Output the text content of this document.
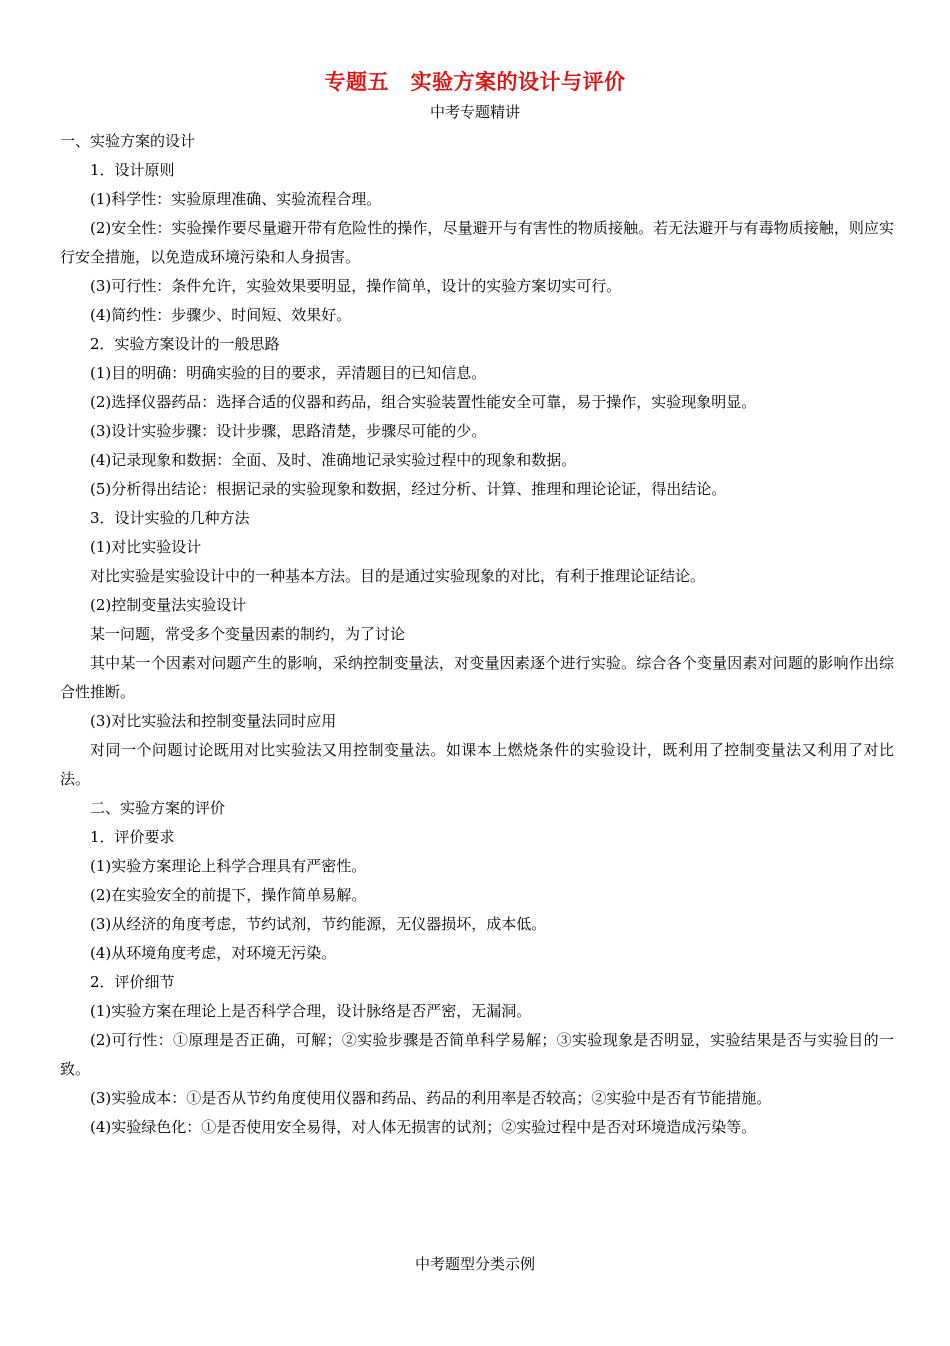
专题五　实验方案的设计与评价
中考专题精讲
一、实验方案的设计
1．设计原则
(1)科学性：实验原理准确、实验流程合理。
(2)安全性：实验操作要尽量避开带有危险性的操作，尽量避开与有害性的物质接触。若无法避开与有毒物质接触，则应实行安全措施，以免造成环境污染和人身损害。
(3)可行性：条件允许，实验效果要明显，操作简单，设计的实验方案切实可行。
(4)简约性：步骤少、时间短、效果好。
2．实验方案设计的一般思路
(1)目的明确：明确实验的目的要求，弄清题目的已知信息。
(2)选择仪器药品：选择合适的仪器和药品，组合实验装置性能安全可靠，易于操作，实验现象明显。
(3)设计实验步骤：设计步骤，思路清楚，步骤尽可能的少。
(4)记录现象和数据：全面、及时、准确地记录实验过程中的现象和数据。
(5)分析得出结论：根据记录的实验现象和数据，经过分析、计算、推理和理论论证，得出结论。
3．设计实验的几种方法
(1)对比实验设计
对比实验是实验设计中的一种基本方法。目的是通过实验现象的对比，有利于推理论证结论。
(2)控制变量法实验设计
某一问题，常受多个变量因素的制约，为了讨论
其中某一个因素对问题产生的影响，采纳控制变量法，对变量因素逐个进行实验。综合各个变量因素对问题的影响作出综合性推断。
(3)对比实验法和控制变量法同时应用
对同一个问题讨论既用对比实验法又用控制变量法。如课本上燃烧条件的实验设计，既利用了控制变量法又利用了对比法。
二、实验方案的评价
1．评价要求
(1)实验方案理论上科学合理具有严密性。
(2)在实验安全的前提下，操作简单易解。
(3)从经济的角度考虑，节约试剂，节约能源，无仪器损坏，成本低。
(4)从环境角度考虑，对环境无污染。
2．评价细节
(1)实验方案在理论上是否科学合理，设计脉络是否严密，无漏洞。
(2)可行性：①原理是否正确，可解；②实验步骤是否简单科学易解；③实验现象是否明显，实验结果是否与实验目的一致。
(3)实验成本：①是否从节约角度使用仪器和药品、药品的利用率是否较高；②实验中是否有节能措施。
(4)实验绿色化：①是否使用安全易得，对人体无损害的试剂；②实验过程中是否对环境造成污染等。
中考题型分类示例
